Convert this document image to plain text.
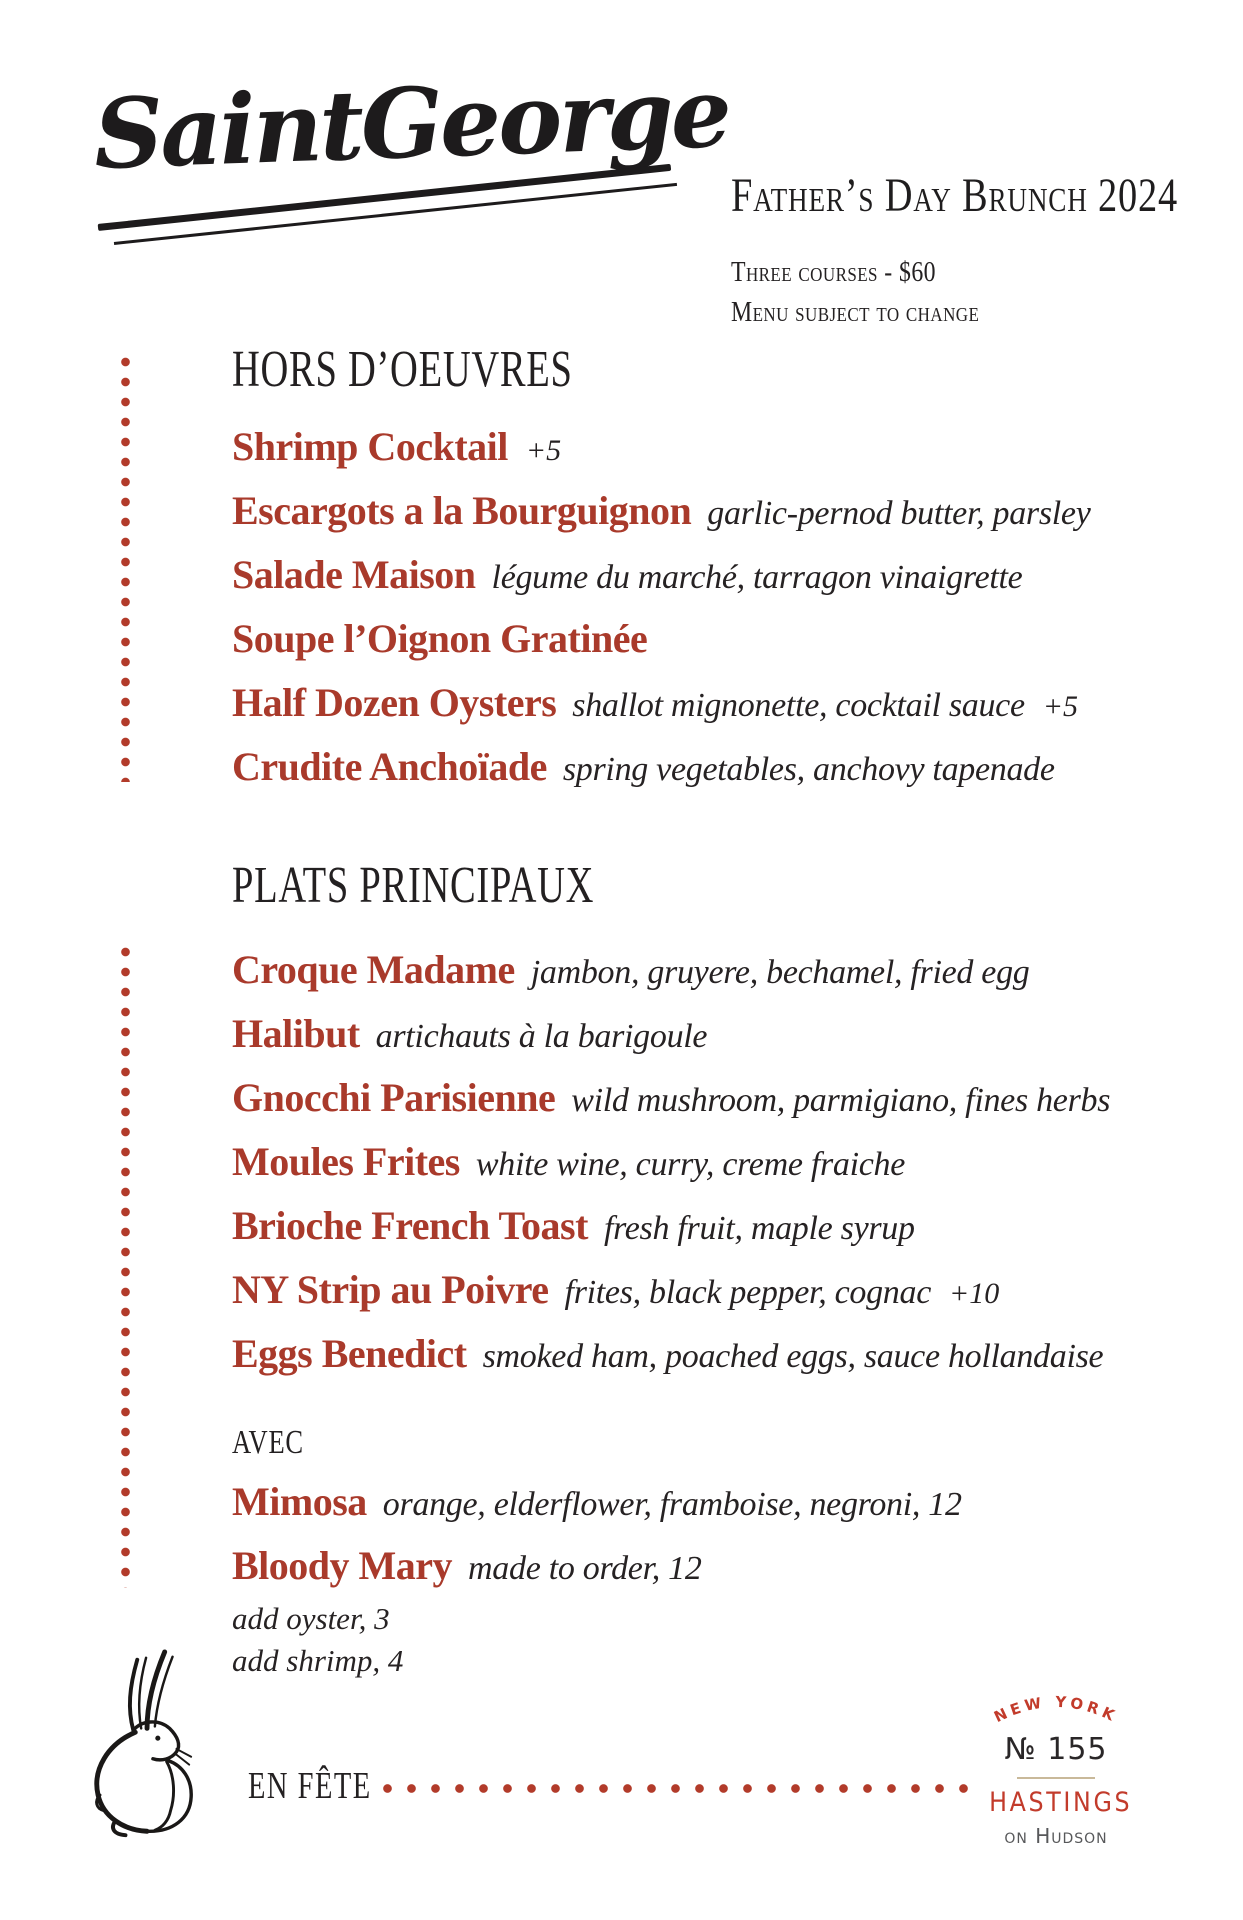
SaintGeorge
Father’s Day Brunch 2024
Three courses - $60
Menu subject to change
HORS D’OEUVRES
Shrimp Cocktail +5
Escargots a la Bourguignon garlic-pernod butter, parsley
Salade Maison légume du marché, tarragon vinaigrette
Soupe l’Oignon Gratinée
Half Dozen Oysters shallot mignonette, cocktail sauce +5
Crudite Anchoïade spring vegetables, anchovy tapenade
PLATS PRINCIPAUX
Croque Madame jambon, gruyere, bechamel, fried egg
Halibut artichauts à la barigoule
Gnocchi Parisienne wild mushroom, parmigiano, fines herbs
Moules Frites white wine, curry, creme fraiche
Brioche French Toast fresh fruit, maple syrup
NY Strip au Poivre frites, black pepper, cognac +10
Eggs Benedict smoked ham, poached eggs, sauce hollandaise
AVEC
Mimosa orange, elderflower, framboise, negroni, 12
Bloody Mary made to order, 12
add oyster, 3
add shrimp, 4
EN FÊTE
NEW YORK
№ 155
HASTINGS
on Hudson
